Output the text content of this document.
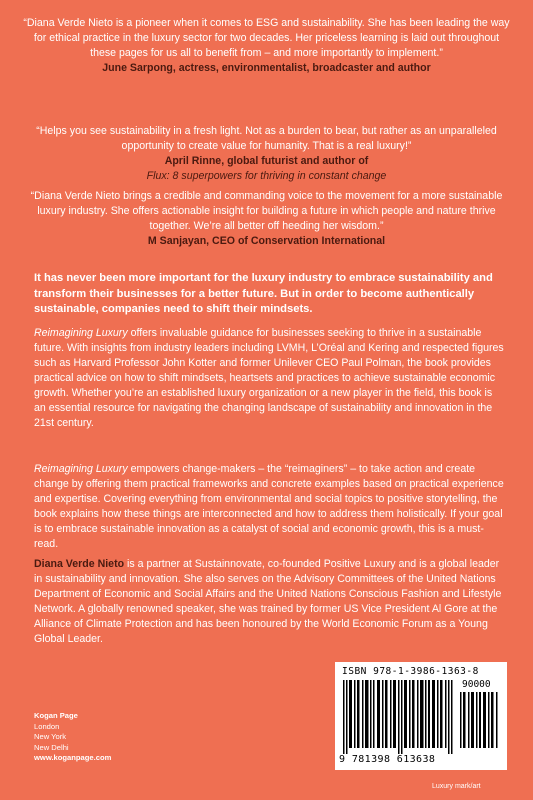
“Diana Verde Nieto is a pioneer when it comes to ESG and sustainability. She has been leading the way for ethical practice in the luxury sector for two decades. Her priceless learning is laid out throughout these pages for us all to benefit from – and more importantly to implement.”
June Sarpong, actress, environmentalist, broadcaster and author
“Helps you see sustainability in a fresh light. Not as a burden to bear, but rather as an unparalleled opportunity to create value for humanity. That is a real luxury!”
April Rinne, global futurist and author of
Flux: 8 superpowers for thriving in constant change
“Diana Verde Nieto brings a credible and commanding voice to the movement for a more sustainable luxury industry. She offers actionable insight for building a future in which people and nature thrive together. We’re all better off heeding her wisdom.”
M Sanjayan, CEO of Conservation International
It has never been more important for the luxury industry to embrace sustainability and transform their businesses for a better future. But in order to become authentically sustainable, companies need to shift their mindsets.
Reimagining Luxury offers invaluable guidance for businesses seeking to thrive in a sustainable future. With insights from industry leaders including LVMH, L’Oréal and Kering and respected figures such as Harvard Professor John Kotter and former Unilever CEO Paul Polman, the book provides practical advice on how to shift mindsets, heartsets and practices to achieve sustainable economic growth. Whether you’re an established luxury organization or a new player in the field, this book is an essential resource for navigating the changing landscape of sustainability and innovation in the 21st century.
Reimagining Luxury empowers change-makers – the “reimaginers” – to take action and create change by offering them practical frameworks and concrete examples based on practical experience and expertise. Covering everything from environmental and social topics to positive storytelling, the book explains how these things are interconnected and how to address them holistically. If your goal is to embrace sustainable innovation as a catalyst of social and economic growth, this is a must-read.
Diana Verde Nieto is a partner at Sustainnovate, co-founded Positive Luxury and is a global leader in sustainability and innovation. She also serves on the Advisory Committees of the United Nations Department of Economic and Social Affairs and the United Nations Conscious Fashion and Lifestyle Network. A globally renowned speaker, she was trained by former US Vice President Al Gore at the Alliance of Climate Protection and has been honoured by the World Economic Forum as a Young Global Leader.
Kogan Page
London
New York
New Delhi
www.koganpage.com
ISBN 978-1-3986-1363-8
90000
9 781398 613638
Luxury mark/art
